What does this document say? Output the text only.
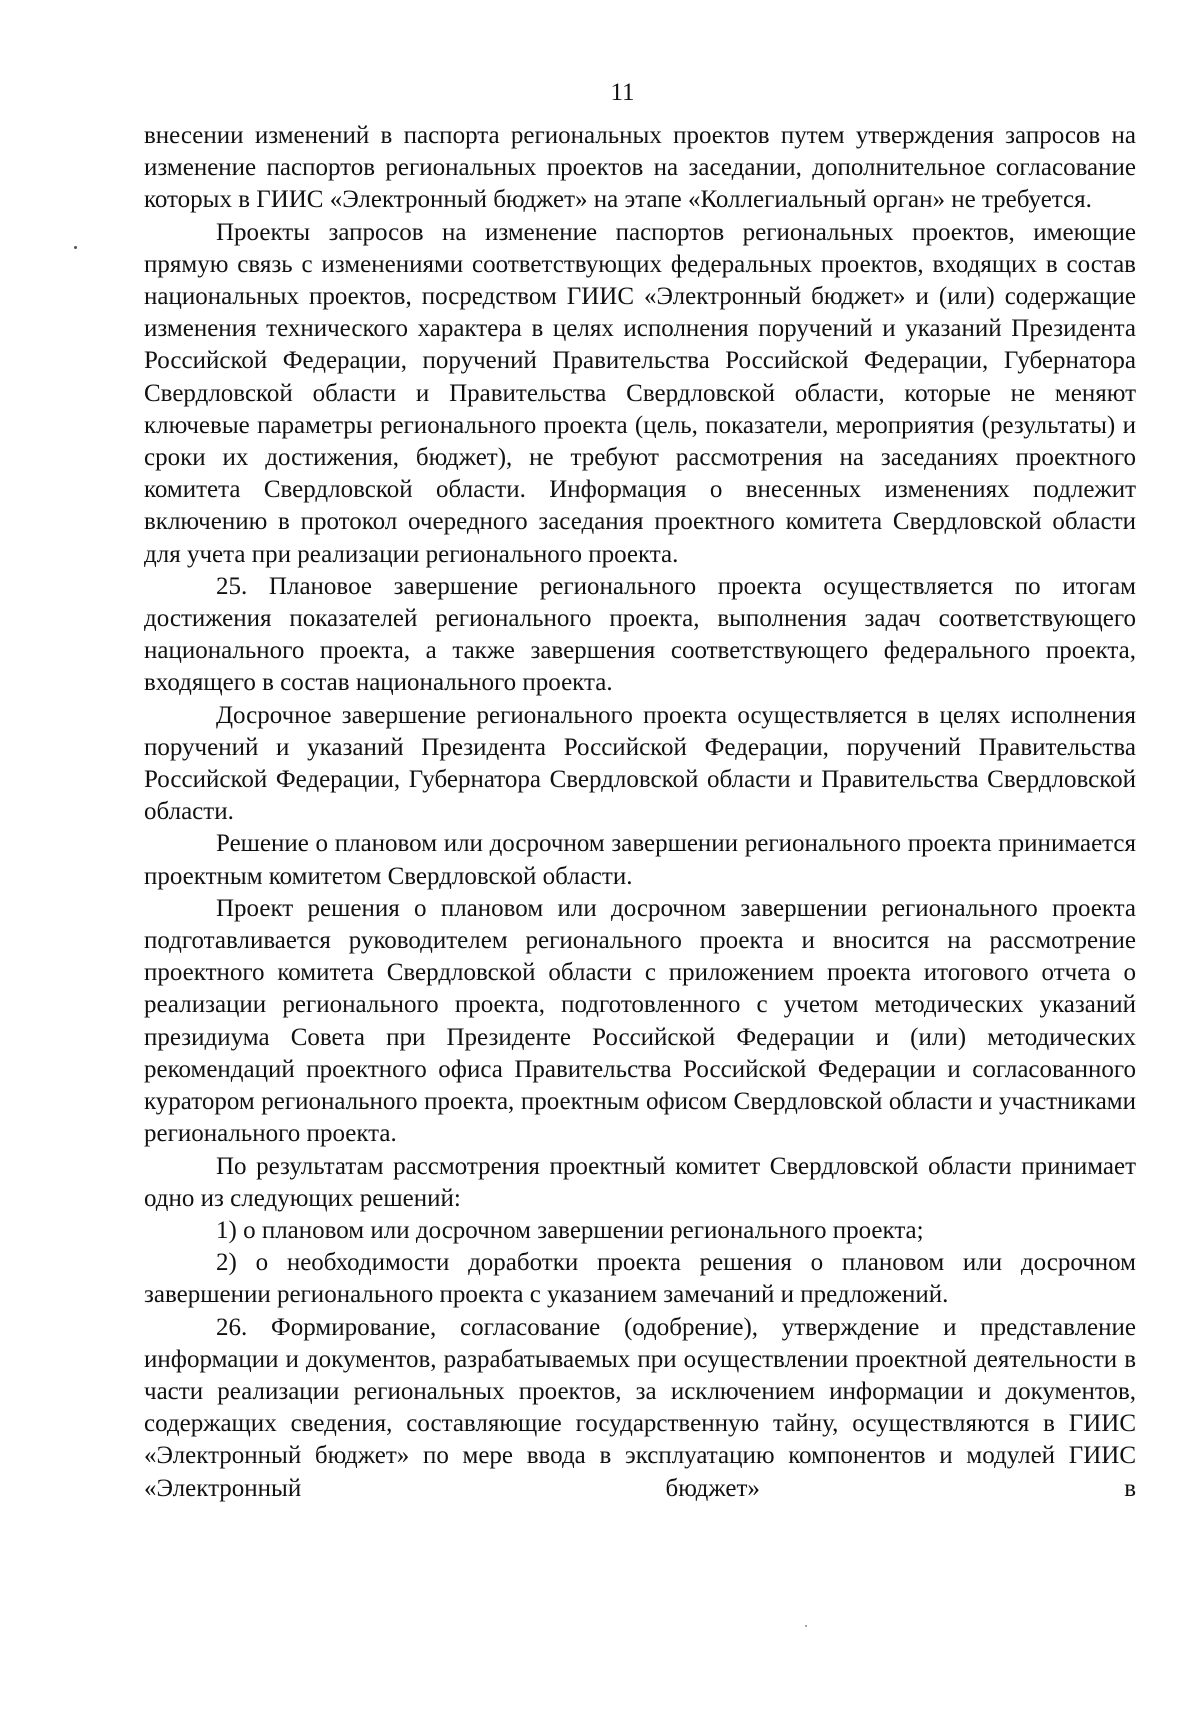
11

внесении изменений в паспорта региональных проектов путем утверждения запросов на изменение паспортов региональных проектов на заседании, дополнительное согласование которых в ГИИС «Электронный бюджет» на этапе «Коллегиальный орган» не требуется.

Проекты запросов на изменение паспортов региональных проектов, имеющие прямую связь с изменениями соответствующих федеральных проектов, входящих в состав национальных проектов, посредством ГИИС «Электронный бюджет» и (или) содержащие изменения технического характера в целях исполнения поручений и указаний Президента Российской Федерации, поручений Правительства Российской Федерации, Губернатора Свердловской области и Правительства Свердловской области, которые не меняют ключевые параметры регионального проекта (цель, показатели, мероприятия (результаты) и сроки их достижения, бюджет), не требуют рассмотрения на заседаниях проектного комитета Свердловской области. Информация о внесенных изменениях подлежит включению в протокол очередного заседания проектного комитета Свердловской области для учета при реализации регионального проекта.

25. Плановое завершение регионального проекта осуществляется по итогам достижения показателей регионального проекта, выполнения задач соответствующего национального проекта, а также завершения соответствующего федерального проекта, входящего в состав национального проекта.

Досрочное завершение регионального проекта осуществляется в целях исполнения поручений и указаний Президента Российской Федерации, поручений Правительства Российской Федерации, Губернатора Свердловской области и Правительства Свердловской области.

Решение о плановом или досрочном завершении регионального проекта принимается проектным комитетом Свердловской области.

Проект решения о плановом или досрочном завершении регионального проекта подготавливается руководителем регионального проекта и вносится на рассмотрение проектного комитета Свердловской области с приложением проекта итогового отчета о реализации регионального проекта, подготовленного с учетом методических указаний президиума Совета при Президенте Российской Федерации и (или) методических рекомендаций проектного офиса Правительства Российской Федерации и согласованного куратором регионального проекта, проектным офисом Свердловской области и участниками регионального проекта.

По результатам рассмотрения проектный комитет Свердловской области принимает одно из следующих решений:

1) о плановом или досрочном завершении регионального проекта;

2) о необходимости доработки проекта решения о плановом или досрочном завершении регионального проекта с указанием замечаний и предложений.

26. Формирование, согласование (одобрение), утверждение и представление информации и документов, разрабатываемых при осуществлении проектной деятельности в части реализации региональных проектов, за исключением информации и документов, содержащих сведения, составляющие государственную тайну, осуществляются в ГИИС «Электронный бюджет» по мере ввода в эксплуатацию компонентов и модулей ГИИС «Электронный бюджет» в
